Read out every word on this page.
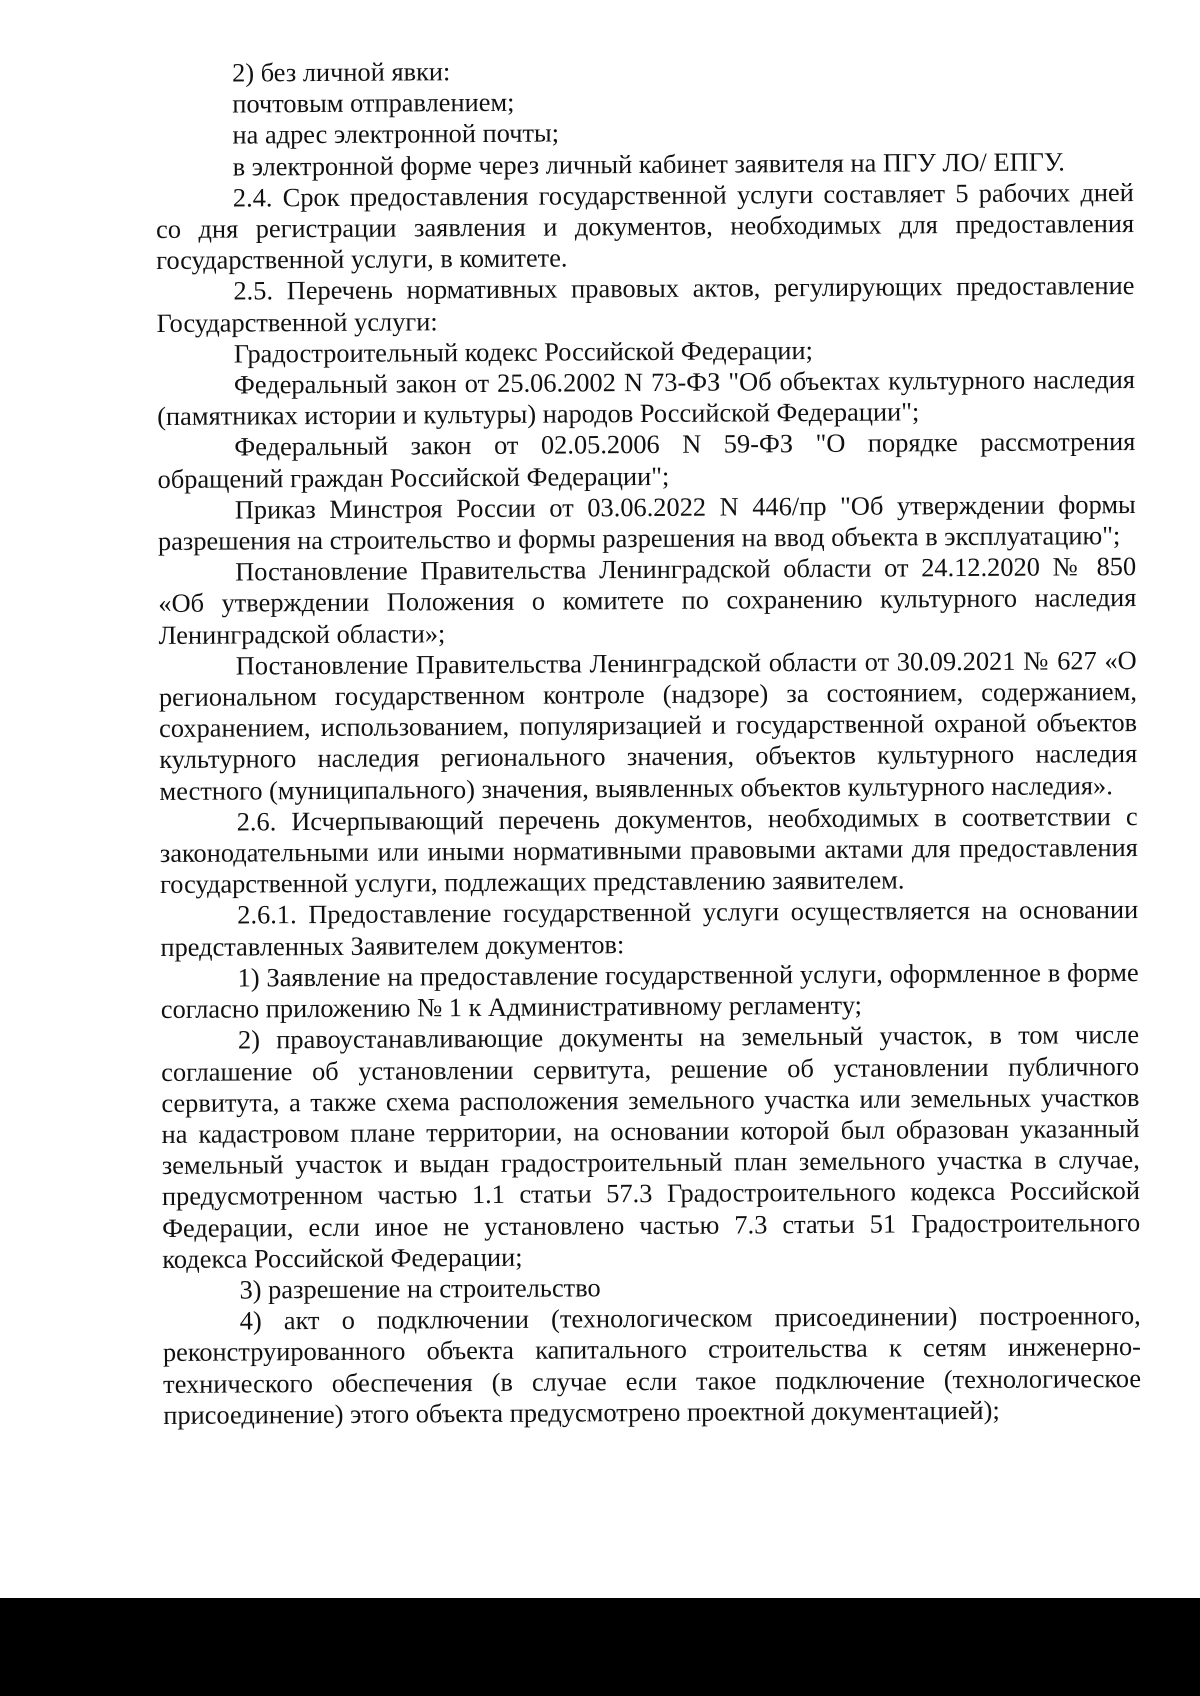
2) без личной явки:

почтовым отправлением;

на адрес электронной почты;

в электронной форме через личный кабинет заявителя на ПГУ ЛО/ ЕПГУ.

2.4. Срок предоставления государственной услуги составляет 5 рабочих дней со дня регистрации заявления и документов, необходимых для предоставления государственной услуги, в комитете.

2.5. Перечень нормативных правовых актов, регулирующих предоставление Государственной услуги:

Градостроительный кодекс Российской Федерации;

Федеральный закон от 25.06.2002 N 73-ФЗ "Об объектах культурного наследия (памятниках истории и культуры) народов Российской Федерации";

Федеральный закон от 02.05.2006 N 59-ФЗ "О порядке рассмотрения обращений граждан Российской Федерации";

Приказ Минстроя России от 03.06.2022 N 446/пр "Об утверждении формы разрешения на строительство и формы разрешения на ввод объекта в эксплуатацию";

Постановление Правительства Ленинградской области от 24.12.2020 № 850 «Об утверждении Положения о комитете по сохранению культурного наследия Ленинградской области»;

Постановление Правительства Ленинградской области от 30.09.2021 № 627 «О региональном государственном контроле (надзоре) за состоянием, содержанием, сохранением, использованием, популяризацией и государственной охраной объектов культурного наследия регионального значения, объектов культурного наследия местного (муниципального) значения, выявленных объектов культурного наследия».

2.6. Исчерпывающий перечень документов, необходимых в соответствии с законодательными или иными нормативными правовыми актами для предоставления государственной услуги, подлежащих представлению заявителем.

2.6.1. Предоставление государственной услуги осуществляется на основании представленных Заявителем документов:

1) Заявление на предоставление государственной услуги, оформленное в форме согласно приложению № 1 к Административному регламенту;

2) правоустанавливающие документы на земельный участок, в том числе соглашение об установлении сервитута, решение об установлении публичного сервитута, а также схема расположения земельного участка или земельных участков на кадастровом плане территории, на основании которой был образован указанный земельный участок и выдан градостроительный план земельного участка в случае, предусмотренном частью 1.1 статьи 57.3 Градостроительного кодекса Российской Федерации, если иное не установлено частью 7.3 статьи 51 Градостроительного кодекса Российской Федерации;

3) разрешение на строительство

4) акт о подключении (технологическом присоединении) построенного, реконструированного объекта капитального строительства к сетям инженерно-технического обеспечения (в случае если такое подключение (технологическое присоединение) этого объекта предусмотрено проектной документацией);
